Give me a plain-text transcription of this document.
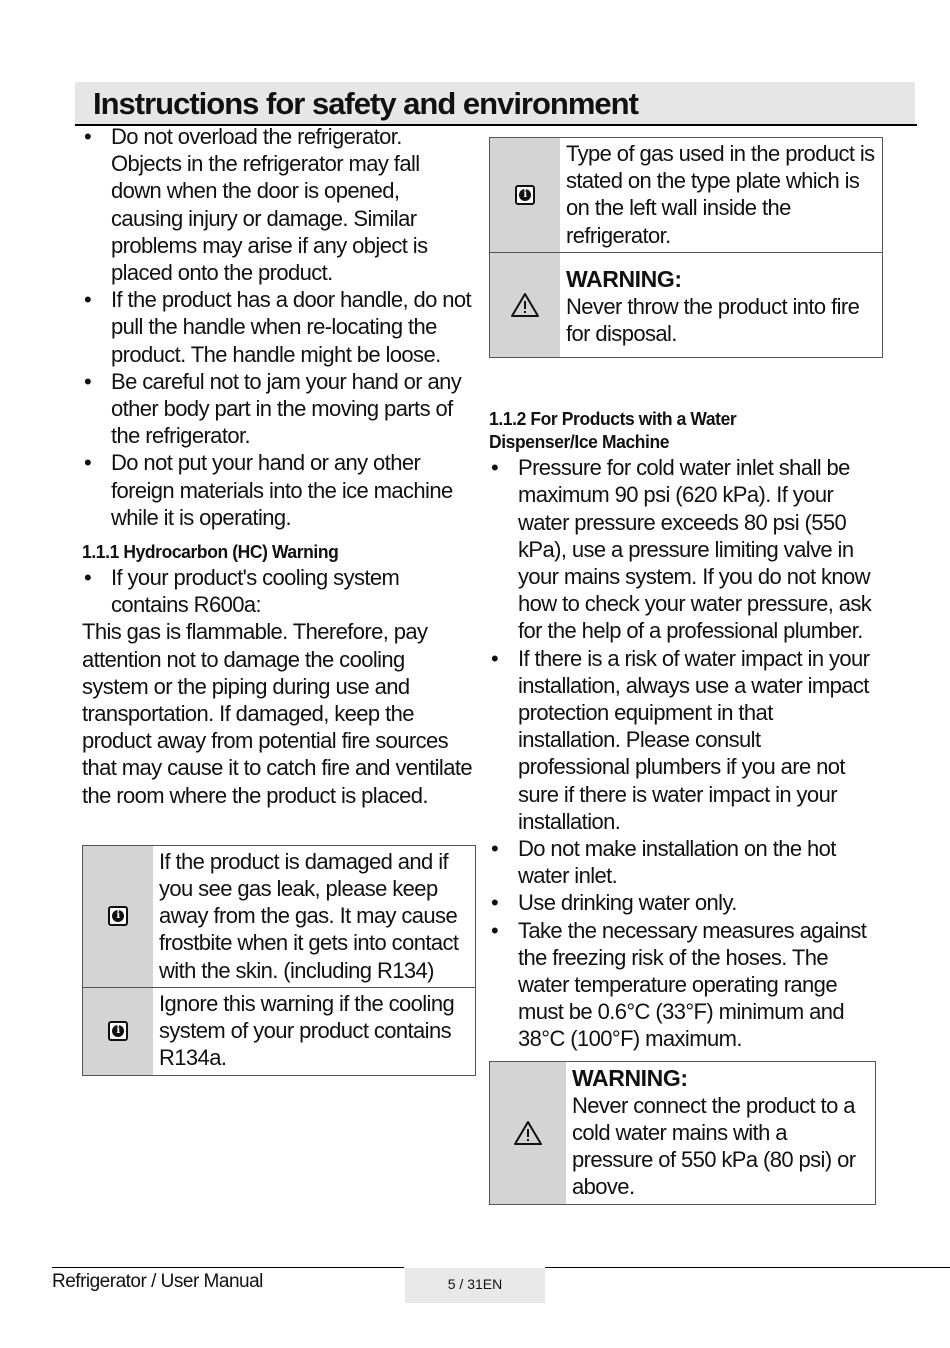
Instructions for safety and environment
• Do not overload the refrigerator. Objects in the refrigerator may fall down when the door is opened, causing injury or damage. Similar problems may arise if any object is placed onto the product.
• If the product has a door handle, do not pull the handle when re-locating the product. The handle might be loose.
• Be careful not to jam your hand or any other body part in the moving parts of the refrigerator.
• Do not put your hand or any other foreign materials into the ice machine while it is operating.
1.1.1 Hydrocarbon (HC) Warning
• If your product's cooling system contains R600a:

This gas is flammable. Therefore, pay attention not to damage the cooling system or the piping during use and transportation. If damaged, keep the product away from potential fire sources that may cause it to catch fire and ventilate the room where the product is placed.

i
If the product is damaged and if you see gas leak, please keep away from the gas. It may cause frostbite when it gets into contact with the skin. (including R134)
i
Ignore this warning if the cooling system of your product contains R134a.
i
Type of gas used in the product is stated on the type plate which is on the left wall inside the refrigerator.
WARNING:
Never throw the product into fire for disposal.
1.1.2 For Products with a Water Dispenser/Ice Machine
• Pressure for cold water inlet shall be maximum 90 psi (620 kPa). If your water pressure exceeds 80 psi (550 kPa), use a pressure limiting valve in your mains system. If you do not know how to check your water pressure, ask for the help of a professional plumber.
• If there is a risk of water impact in your installation, always use a water impact protection equipment in that installation. Please consult professional plumbers if you are not sure if there is water impact in your installation.
• Do not make installation on the hot water inlet.
• Use drinking water only.
• Take the necessary measures against the freezing risk of the hoses. The water temperature operating range must be 0.6°C (33°F) minimum and 38°C (100°F) maximum.
WARNING:
Never connect the product to a cold water mains with a pressure of 550 kPa (80 psi) or above.
Refrigerator / User Manual	5 / 31EN
